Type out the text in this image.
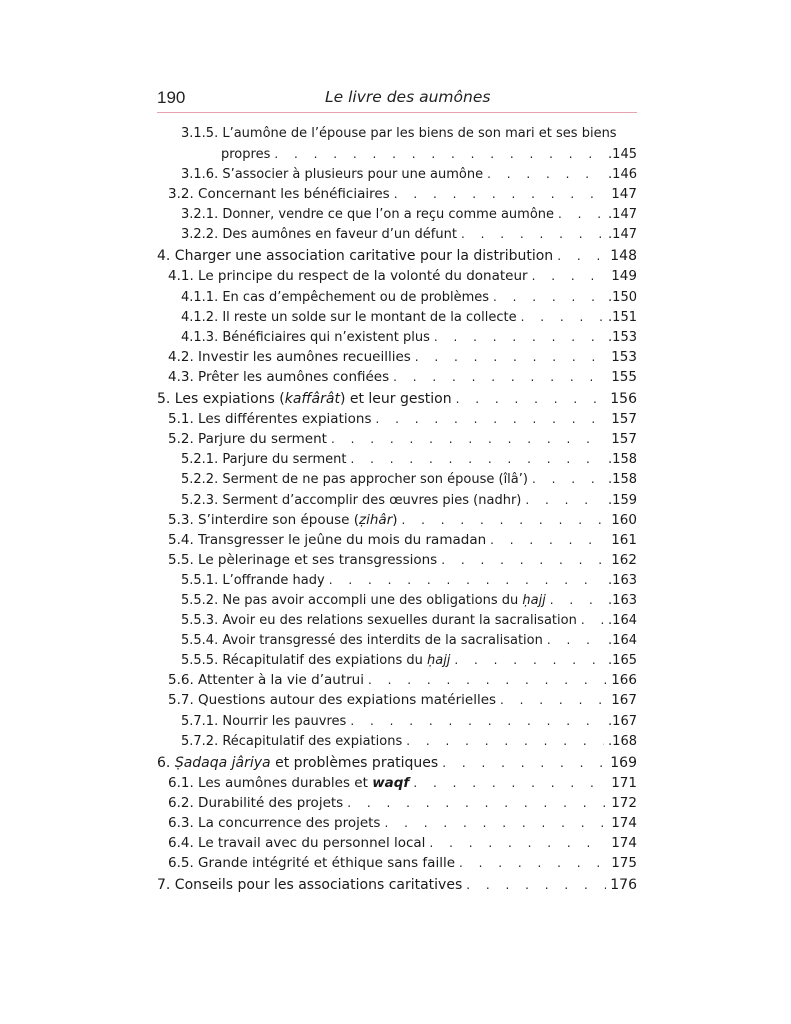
190	Le livre des aumônes
3.1.5. L’aumône de l’épouse par les biens de son mari et ses biens
propres . . .	.145
3.1.6. S’associer à plusieurs pour une aumône . . .	.146
3.2. Concernant les bénéficiaires . . .	147
3.2.1. Donner, vendre ce que l’on a reçu comme aumône . . .	.147
3.2.2. Des aumônes en faveur d’un défunt . . .	.147
4. Charger une association caritative pour la distribution . . .	148
4.1. Le principe du respect de la volonté du donateur . . .	149
4.1.1. En cas d’empêchement ou de problèmes . . .	.150
4.1.2. Il reste un solde sur le montant de la collecte . . .	.151
4.1.3. Bénéficiaires qui n’existent plus . . .	.153
4.2. Investir les aumônes recueillies . . .	153
4.3. Prêter les aumônes confiées . . .	155
5. Les expiations (kaffârât) et leur gestion . . .	156
5.1. Les différentes expiations . . .	157
5.2. Parjure du serment . . .	157
5.2.1. Parjure du serment . . .	.158
5.2.2. Serment de ne pas approcher son épouse (îlâ’) . . .	.158
5.2.3. Serment d’accomplir des œuvres pies (nadhr) . . .	.159
5.3. S’interdire son épouse (ẓihâr) . . .	160
5.4. Transgresser le jeûne du mois du ramadan . . .	161
5.5. Le pèlerinage et ses transgressions . . .	162
5.5.1. L’offrande hady . . .	.163
5.5.2. Ne pas avoir accompli une des obligations du ḥajj . . .	.163
5.5.3. Avoir eu des relations sexuelles durant la sacralisation . . . .164
5.5.4. Avoir transgressé des interdits de la sacralisation . . .	.164
5.5.5. Récapitulatif des expiations du ḥajj . . .	.165
5.6. Attenter à la vie d’autrui . . .	166
5.7. Questions autour des expiations matérielles . . .	167
5.7.1. Nourrir les pauvres . . .	.167
5.7.2. Récapitulatif des expiations . . .	.168
6. Ṣadaqa jâriya et problèmes pratiques . . .	169
6.1. Les aumônes durables et waqf . . .	171
6.2. Durabilité des projets . . .	172
6.3. La concurrence des projets . . .	174
6.4. Le travail avec du personnel local . . .	174
6.5. Grande intégrité et éthique sans faille . . .	175
7. Conseils pour les associations caritatives . . .	176
